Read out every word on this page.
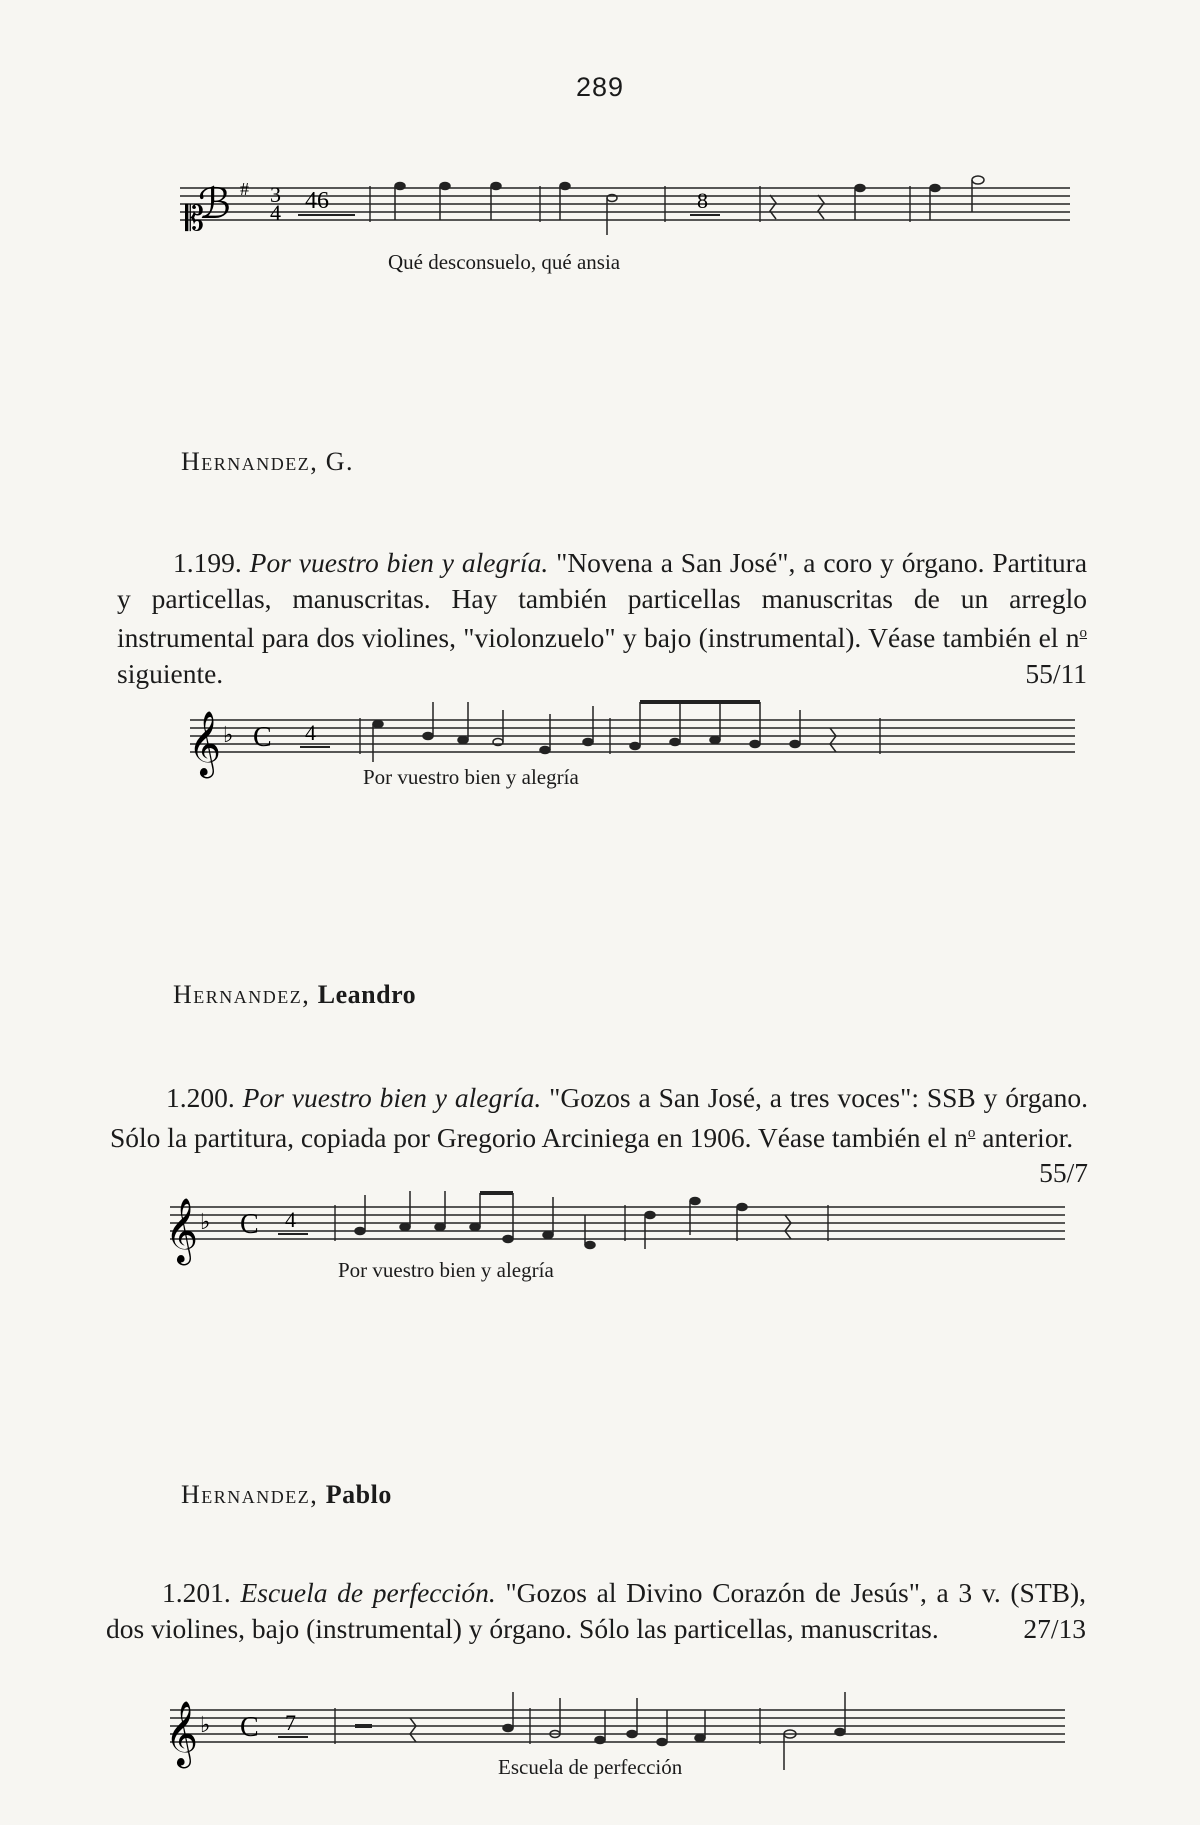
289
𝄡
ℬ # 3
4 46	8
Qué desconsuelo, qué ansia
Hernandez, G.
1.199. Por vuestro bien y alegría. "Novena a San José", a coro y órgano. Partitura y particellas, manuscritas. Hay también particellas manuscritas de un arreglo instrumental para dos violines, "violonzuelo" y bajo (instrumental). Véase también el $n^o$ siguiente.	55/11
𝄞 ♭ C 4
Por vuestro bien y alegría
Hernandez, Leandro
1.200. Por vuestro bien y alegría. "Gozos a San José, a tres voces": SSB y órgano. Sólo la partitura, copiada por Gregorio Arciniega en 1906. Véase también el $n^o$ anterior.
55/7
𝄞 ♭ C 4
Por vuestro bien y alegría
Hernandez, Pablo
1.201. Escuela de perfección. "Gozos al Divino Corazón de Jesús", a 3 v. (STB), dos violines, bajo (instrumental) y órgano. Sólo las particellas, manuscritas.	27/13
𝄞 ♭ C 7
Escuela de perfección
